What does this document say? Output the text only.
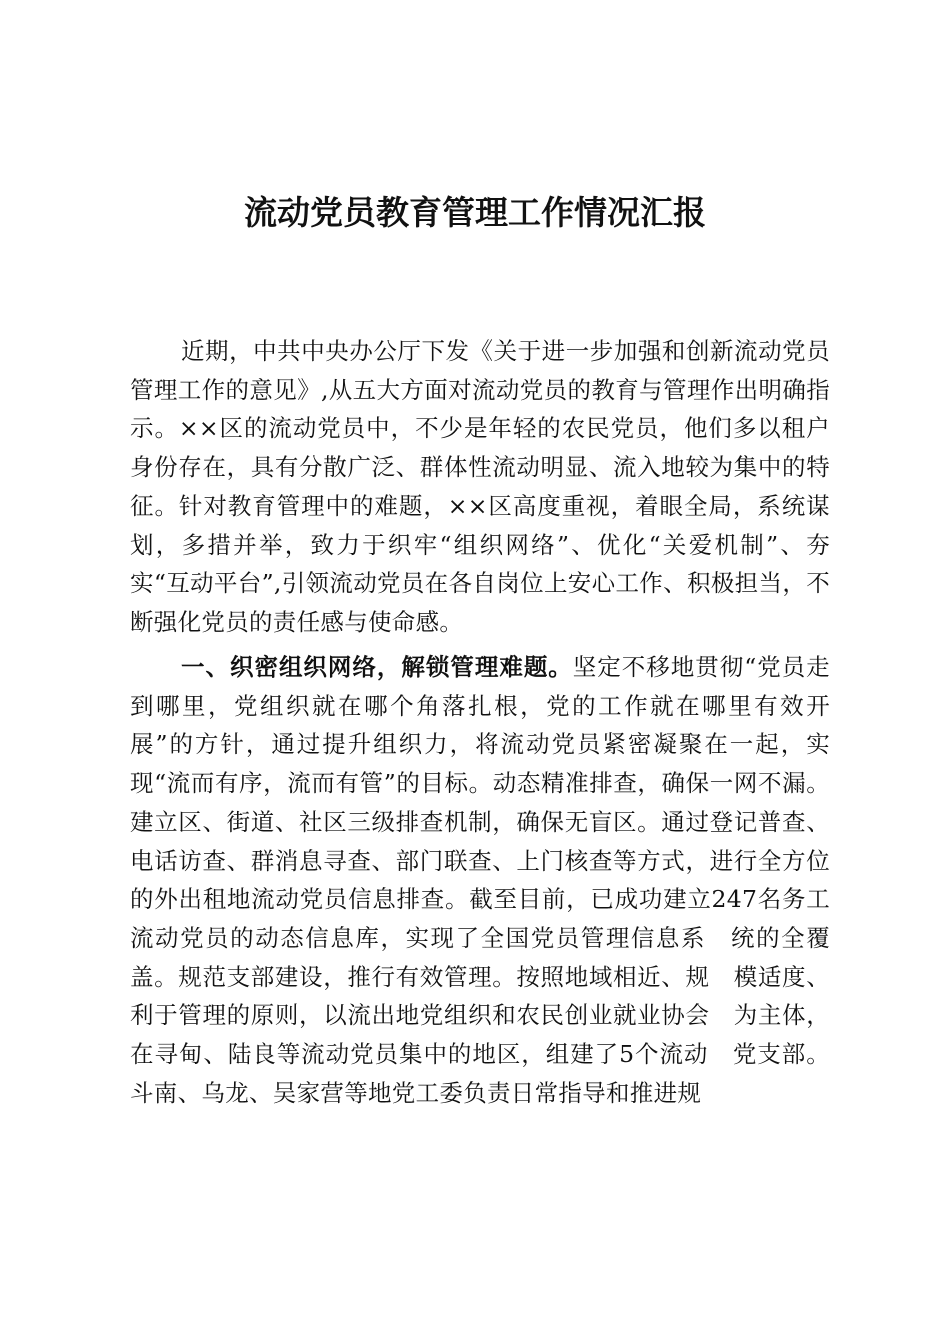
流动党员教育管理工作情况汇报

近期，中共中央办公厅下发《关于进一步加强和创新流动党员管理工作的意见》,从五大方面对流动党员的教育与管理作出明确指示。××区的流动党员中，不少是年轻的农民党员，他们多以租户身份存在，具有分散广泛、群体性流动明显、流入地较为集中的特征。针对教育管理中的难题，××区高度重视，着眼全局，系统谋划，多措并举，致力于织牢“组织网络”、优化“关爱机制”、夯实“互动平台”,引领流动党员在各自岗位上安心工作、积极担当，不断强化党员的责任感与使命感。

一、织密组织网络，解锁管理难题。坚定不移地贯彻“党员走到哪里，党组织就在哪个角落扎根，党的工作就在哪里有效开展”的方针，通过提升组织力，将流动党员紧密凝聚在一起，实现“流而有序，流而有管”的目标。动态精准排查，确保一网不漏。建立区、街道、社区三级排查机制，确保无盲区。通过登记普查、电话访查、群消息寻查、部门联查、上门核查等方式，进行全方位的外出租地流动党员信息排查。截至目前，已成功建立247名务工流动党员的动态信息库，实现了全国党员管理信息系　统的全覆盖。规范支部建设，推行有效管理。按照地域相近、规　模适度、利于管理的原则，以流出地党组织和农民创业就业协会　为主体，在寻甸、陆良等流动党员集中的地区，组建了5个流动　党支部。斗南、乌龙、吴家营等地党工委负责日常指导和推进规
